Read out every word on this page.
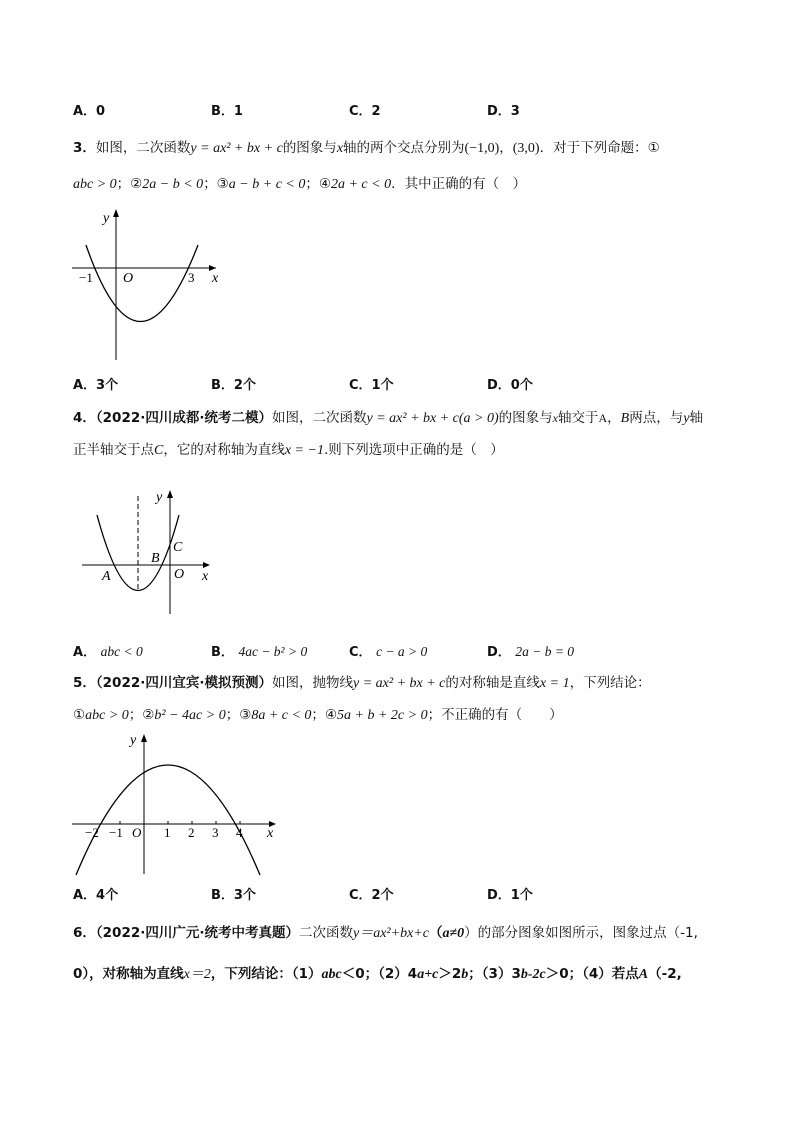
A．0	B．1	C．2	D．3
3．如图，二次函数y = ax² + bx + c的图象与x轴的两个交点分别为(−1,0)，(3,0)．对于下列命题：①
abc > 0；②2a − b < 0；③a − b + c < 0；④2a + c < 0．其中正确的有（　）
y
x
O
−1	3
A．3个	B．2个	C．1个	D．0个
4．（2022·四川成都·统考二模）如图，二次函数y = ax² + bx + c(a > 0)的图象与x轴交于A，B两点，与y轴
正半轴交于点C，它的对称轴为直线x = −1.则下列选项中正确的是（　）
y
x
O
A
B
C
A． abc < 0	B． 4ac − b² > 0	C． c − a > 0	D． 2a − b = 0
5．（2022·四川宜宾·模拟预测）如图，抛物线y = ax² + bx + c的对称轴是直线x = 1，下列结论：
①abc > 0；②b² − 4ac > 0；③8a + c < 0；④5a + b + 2c > 0；不正确的有（　　）
y
x
O
−2 −1	1 2 3 4
A．4个	B．3个	C．2个	D．1个
6．（2022·四川广元·统考中考真题）二次函数y＝ax²+bx+c（a≠0）的部分图象如图所示，图象过点（-1,
0），对称轴为直线x＝2，下列结论：（1）abc＜0；（2）4a+c＞2b；（3）3b-2c＞0；（4）若点A（-2,
